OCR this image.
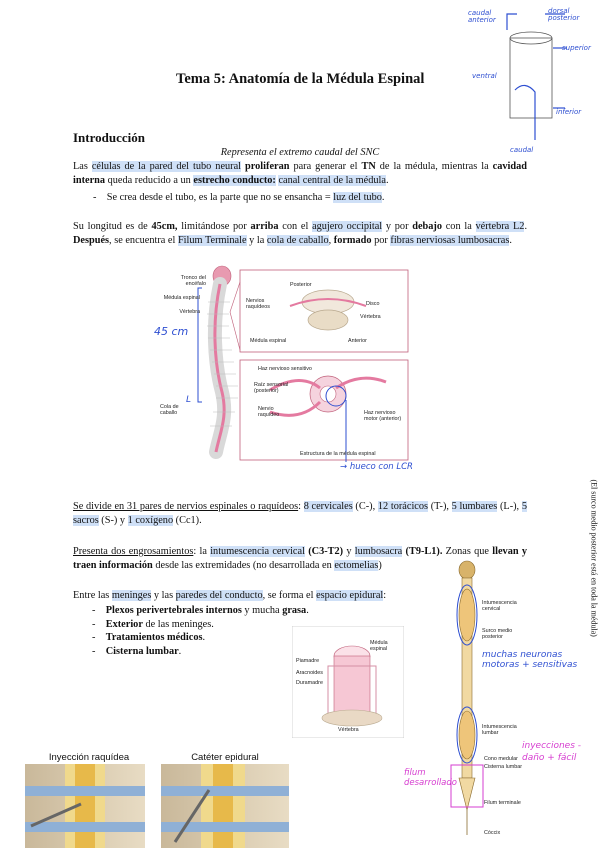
Tema 5: Anatomía de la Médula Espinal
caudal anterior
dorsal posterior
superior
ventral
inferior
caudal
Introducción
Representa el extremo caudal del SNC

Las células de la pared del tubo neural proliferan para generar el TN de la médula, mientras la cavidad interna queda reducido a un estrecho conducto: canal central de la médula.

- Se crea desde el tubo, es la parte que no se ensancha = luz del tubo.

Su longitud es de 45cm, limitándose por arriba con el agujero occipital y por debajo con la vértebra L2. Después, se encuentra el Filum Terminale y la cola de caballo, formado por fibras nerviosas lumbosacras.

Tronco del encéfalo
Médula espinal
Vértebra
Cola de caballo
45 cm
L
Posterior
Nervios raquídeos	Disco
Vértebra
Médula espinal	Anterior
Haz nervioso sensitivo
Raíz sensorial (posterior)
Nervio raquídeo	Haz nervioso motor (anterior)
Estructura de la médula espinal
→ hueco con LCR

Se divide en 31 pares de nervios espinales o raquídeos: 8 cervicales (C-), 12 torácicos (T-), 5 lumbares (L-), 5 sacros (S-) y 1 coxígeno (Cc1).

Presenta dos engrosamientos: la intumescencia cervical (C3-T2) y lumbosacra (T9-L1). Zonas que llevan y traen información desde las extremidades (no desarrollada en ectomelias)

Entre las meninges y las paredes del conducto, se forma el espacio epidural:

-    Plexos perivertebrales internos y mucha grasa.
-    Exterior de las meninges.
-    Tratamientos médicos.
-    Cisterna lumbar.
(El surco medio posterior está en toda la médula)
Intumescencia cervical
Surco medio posterior
muchas neuronas motoras + sensitivas
Intumescencia lumbar
Cono medular
Cisterna lumbar
Filum terminale
Cóccix
inyecciones - daño + fácil
filum desarrollado
Médula espinal
Piamadre
Aracnoides
Duramadre
Vértebra
Inyección raquídea	Catéter epidural
